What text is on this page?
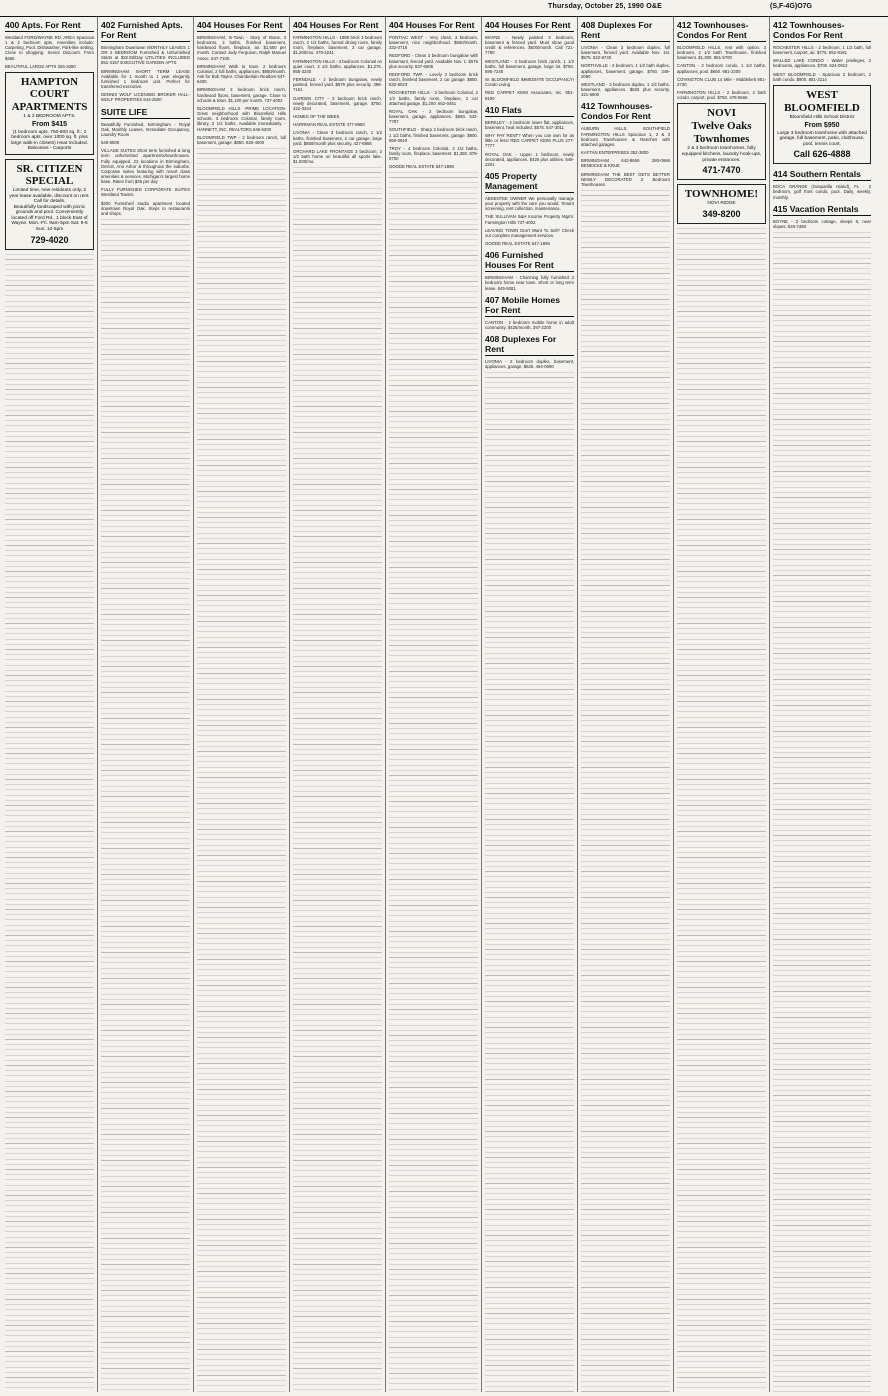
Thursday, October 25, 1990 O&E	(S,F-4G)O7G
400 Apts. For Rent

Westland FORD/WAYNE RD. AREA Spacious 1 & 2 bedroom apts. Amenities include: Carpeting, Pool, Dishwasher, Park-like setting, Close to shopping. Senior Discount. From $465

BEAUTIFUL LARGE APTS 326-3280

HAMPTON COURT
APARTMENTS
1 & 2 BEDROOM APTS.
From $415
(1 bedroom apts. 750-800 sq. ft.; 2 bedroom apts. over 1000 sq. ft. plus large walk-in closets) Heat Included. Balconies - Carports
SR. CITIZEN SPECIAL
Limited time, new residents only, 2 year lease available, discount on rent. Call for details.
Beautifully landscaped with picnic grounds and pool. Conveniently located off Ford Rd., 1 block East of Wayne. Mon.-Fri. 9am-5pm Sat. 9-5 Sun. 12-5pm
729-4020
402 Furnished Apts. For Rent

Birmingham Downtown MONTHLY LEASES 1 OR 2 BEDROOM Furnished & Unfurnished Starts at $32.50/Day UTILITIES INCLUDED 851-4157 EXECUTIVE GARDEN APTS

BIRMINGHAM SHORT TERM LEASE Available for 1 month to 1 year elegantly furnished 1 bedroom unit. Perfect for transferred executive.

DENNIS WOLF LICENSED BROKER HALL-WOLF PROPERTIES 644-2500

SUITE LIFE

Beautifully Furnished, Birmingham - Royal Oak, Monthly Leases, Immediate Occupancy, Laundry Room

549-5500

VILLAGE SUITES Short term furnished & long term unfurnished apartments/townhouses. Fully equipped. 22 locations in Birmingham, Detroit, Ann Arbor & throughout the suburbs. Corporate suites featuring with resort class amenities & services. Michigan's largest home base. Rates from $35 per day

FULLY FURNISHED CORPORATE SUITES Westland Towers

$400 Furnished studio apartment located downtown Royal Oak. Steps to restaurants and shops.

404 Houses For Rent

BIRMINGHAM, In-Town - Story of Stone, 3 bedrooms, 2 baths, finished basement, hardwood floors, fireplace, air. $1,500 per month. Contact Judy Ferguson, Ralph Manuel Assoc. 647-7100.

BIRMINGHAM Walk to town, 2 bedroom Colonial, 2 full baths, appliances, $950/month. Ask for Bob Taylor. Chamberlain Realtors 647-6400.

BIRMINGHAM 3 bedroom brick ranch, hardwood floors, basement, garage. Close to schools & town. $1,100 per month. 737-4002

BLOOMFIELD HILLS -PRIME LOCATION- Great neighborhood with Bloomfield Hills schools. 4 bedroom Colonial, family room, library, 2 1/2 baths. Available immediately. -HANNETT, INC. REALTORS 646-6200

BLOOMFIELD TWP - 2 bedroom ranch, full basement, garage. $850. 626-4000

404 Houses For Rent

FARMINGTON HILLS - 1988 brick 3 bedroom ranch, 2 1/2 baths, formal dining room, family room, fireplace, basement, 2 car garage. $1,200/mo. 478-2241

FARMINGTON HILLS - 3 bedroom Colonial on quiet court, 2 1/2 baths, appliances. $1,275. 855-3240

FERNDALE - 2 bedroom bungalow, newly painted, fenced yard. $575 plus security. 398-7161

GARDEN CITY - 3 bedroom brick ranch, newly decorated, basement, garage. $750. 422-3344

HOMES OF THE WEEK

HARRIMAN REAL ESTATE 477-8950

LIVONIA - Clean 3 bedroom ranch, 1 1/2 baths, finished basement, 2 car garage, large yard. $850/month plus security. 427-8866

ORCHARD LAKE FRONTAGE 3 bedroom, 2 1/2 bath home on beautiful all sports lake. $1,600/mo.

404 Houses For Rent

PONTIAC WEST - Very clean, 3 bedroom, basement, nice neighborhood. $550/month. 332-0716

REDFORD - Clean 3 bedroom bungalow with basement, fenced yard. Available Nov. 1. $575 plus security. 537-6606

REDFORD TWP. - Lovely 3 bedroom brick ranch, finished basement, 2 car garage. $850. 532-8023

ROCHESTER HILLS - 3 bedroom Colonial, 2 1/2 baths, family room, fireplace, 2 car attached garage. $1,200. 652-0451

ROYAL OAK - 2 bedroom bungalow, basement, garage, appliances. $650. 542-7787

SOUTHFIELD - Sharp 3 bedroom brick ranch, 1 1/2 baths, finished basement, garage. $900. 559-0910

TROY - 4 bedroom Colonial, 2 1/2 baths, family room, fireplace, basement. $1,350. 879-0700

GOODE REAL ESTATE 647-1896

404 Houses For Rent

WAYNE - Newly painted 3 bedroom, basement & fenced yard. Must show good credit & references. $600/month. Call 721-7790

WESTLAND - 3 bedroom brick ranch, 1 1/2 baths, full basement, garage, large lot. $750. 595-7245

W. BLOOMFIELD IMMEDIATE OCCUPANCY! Condo Living

RED CARPET KEIM Associates, Inc. 851-9100

410 Flats

BERKLEY - 2 bedroom lower flat, appliances, basement, heat included. $575. 547-3011

WHY PAY RENT? When you can own for as little or less! RED CARPET KEIM PLUS 277-7777

ROYAL OAK - Upper 1 bedroom, newly decorated, appliances. $425 plus utilities. 549-2201

405 Property Management

ABSENTEE OWNER We personally manage your property with the care you would. Tenant screening, rent collection, maintenance.

THE SULLIVAN S&H Income Property Mgmt. Farmington Hills 737-4002

LEAVING TOWN Don't Want To Sell? Check our complete management services.

GOODE REAL ESTATE 647-1896

406 Furnished Houses For Rent

BIRMINGHAM - Charming fully furnished 2 bedroom home near town. Short or long term lease. 645-9281

407 Mobile Homes For Rent

CANTON - 2 bedroom mobile home in adult community. $425/month. 397-2200

408 Duplexes For Rent

LIVONIA - 2 bedroom duplex, basement, appliances, garage. $625. 464-0090

408 Duplexes For Rent

LIVONIA - Clean 2 bedroom duplex, full basement, fenced yard. Available Nov. 1st. $575. 522-8740

NORTHVILLE - 2 bedroom, 1 1/2 bath duplex, appliances, basement, garage. $750. 349-2060

WESTLAND - 3 bedroom duplex, 1 1/2 baths, basement, appliances. $625 plus security. 421-5600

412 Townhouses-Condos For Rent

AUBURN HILLS, SOUTHFIELD FARMINGTON HILLS Spacious 1, 2 & 3 bedroom Townhouses & Ranches with attached garages.

KAFTAN ENTERPRISES 352-3800

BIRMINGHAM 642-8666 280-0666 BENEICKE & KRUE

BIRMINGHAM THE BEST GETS BETTER NEWLY DECORATED 2 Bedroom Townhouses.

412 Townhouses-Condos For Rent

BLOOMFIELD HILLS, rent with option. 3 bedroom, 2 1/2 bath Townhouse, finished basement. $1,300. 851-5700

CANTON - 2 bedroom condo, 1 1/2 baths, appliances, pool. $650. 981-2200

COVINGTON CLUB 14 Mile - Middlebelt 851-2730

FARMINGTON HILLS - 2 bedroom, 2 bath condo, carport, pool. $750. 478-5566

NOVI
Twelve Oaks
Townhomes
2 & 3 bedroom townhomes, fully equipped kitchens, laundry hook-ups, private entrances.
471-7470
TOWNHOME!
NOVI RIDGE
349-8200
412 Townhouses-Condos For Rent

ROCHESTER HILLS - 2 bedroom, 1 1/2 bath, full basement, carport, air. $775. 652-8181

WALLED LAKE CONDO - Water privileges, 2 bedrooms, appliances. $700. 624-0912

WEST BLOOMFIELD - Spacious 2 bedroom, 2 bath condo. $900. 851-3214

WEST
BLOOMFIELD
Bloomfield Hills School District
From $950
Large 3 bedroom townhome with attached garage, full basement, patio, clubhouse, pool, tennis court.
Call 626-4888
414 Southern Rentals

BOCA GRANDE (Gasparilla Island), FL - 2 bedroom, golf front condo, pool. Daily, weekly, monthly.

415 Vacation Rentals

BOYNE - 2 bedroom cottage, sleeps 6, near slopes. 626-7460
